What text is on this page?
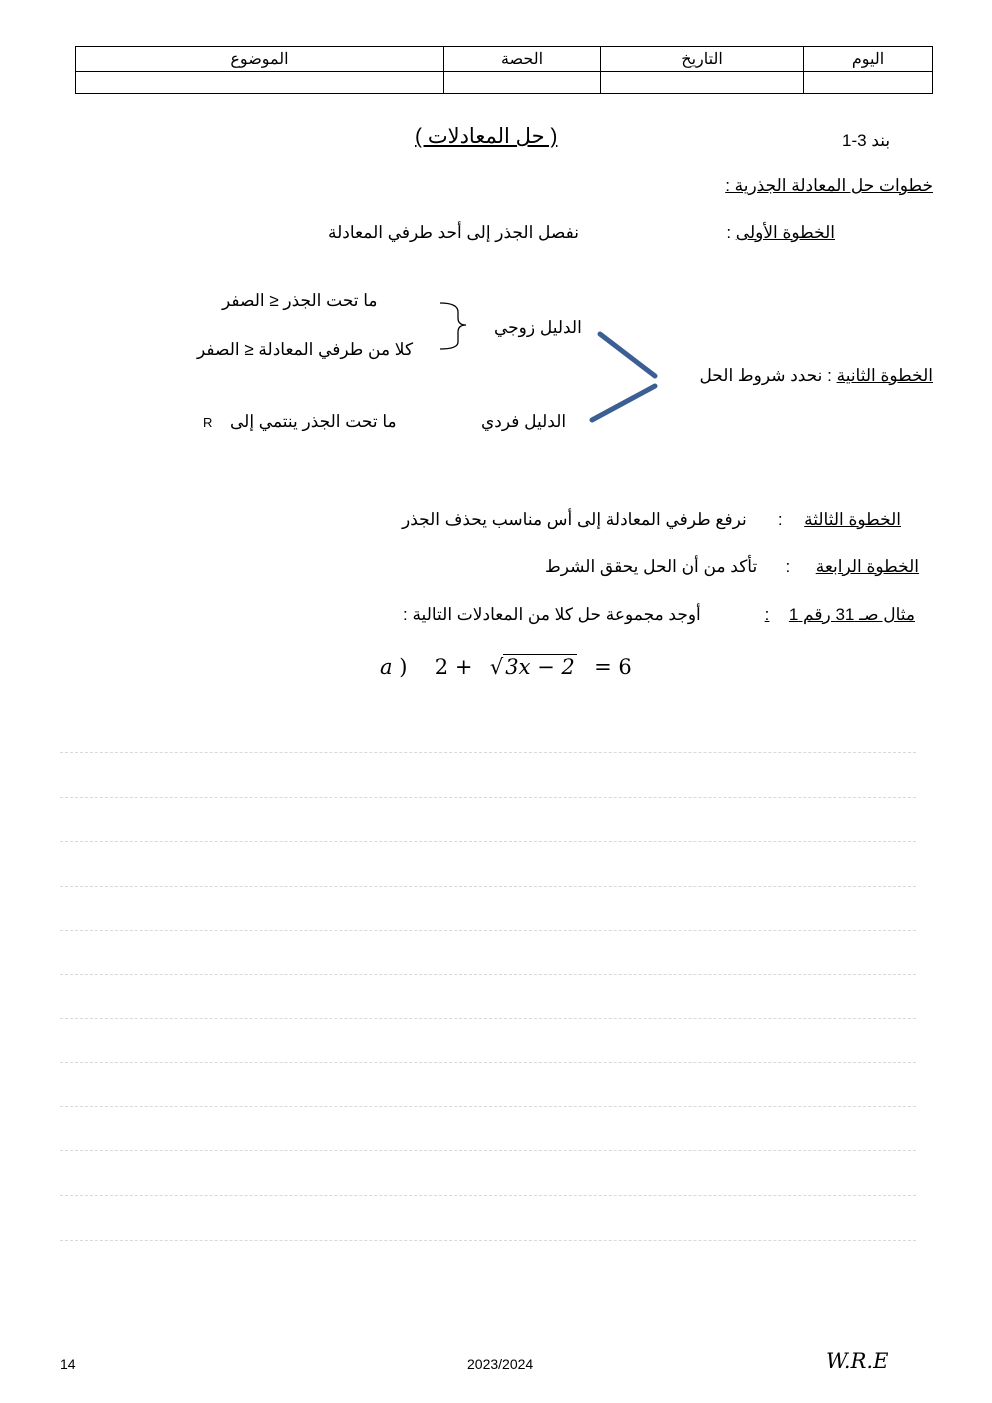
الموضوع	الحصة	التاريخ	اليوم

( حل المعادلات )	بند 3-1
خطوات حل المعادلة الجذرية :
الخطوة الأولى :
نفصل الجذر إلى أحد طرفي المعادلة
الخطوة الثانية : نحدد شروط الحل
الدليل زوجي
ما تحت الجذر ≤ الصفر
كلا من طرفي المعادلة ≤ الصفر
الدليل فردي
ما تحت الجذر ينتمي إلى
R
الخطوة الثالثة  :
نرفع طرفي المعادلة إلى أس مناسب يحذف الجذر
الخطوة الرابعة  :
تأكد من أن الحل يحقق الشرط
مثال صـ 31 رقم 1  :
أوجد مجموعة حل كلا من المعادلات التالية :
a ) 2 + √3x − 2 = 6
14	2023/2024	W.R.E
